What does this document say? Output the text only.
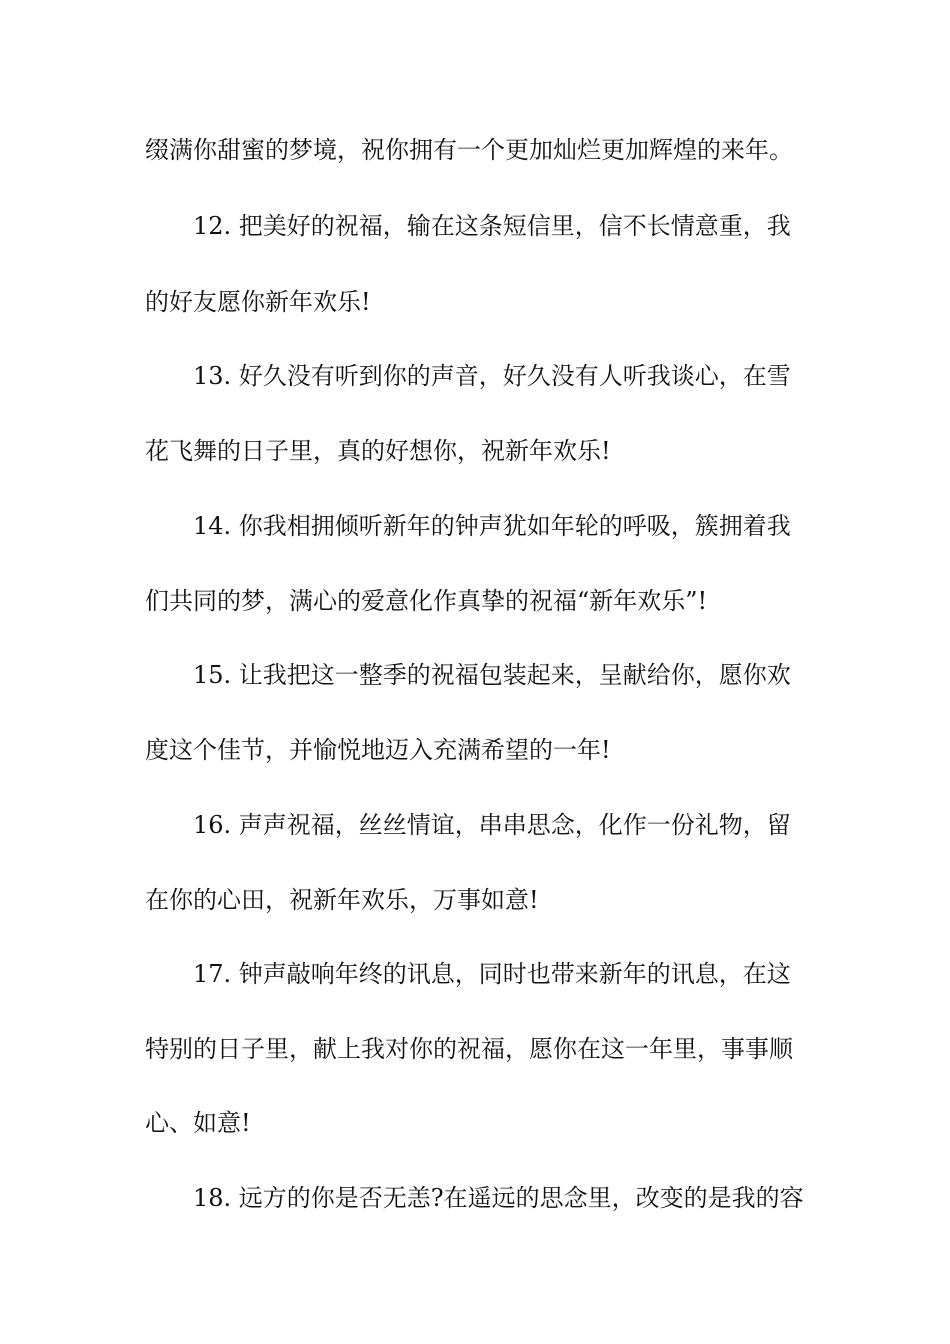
缀满你甜蜜的梦境，祝你拥有一个更加灿烂更加辉煌的来年。
12. 把美好的祝福，输在这条短信里，信不长情意重，我
的好友愿你新年欢乐!
13. 好久没有听到你的声音，好久没有人听我谈心，在雪
花飞舞的日子里，真的好想你，祝新年欢乐!
14. 你我相拥倾听新年的钟声犹如年轮的呼吸，簇拥着我
们共同的梦，满心的爱意化作真挚的祝福“新年欢乐”!
15. 让我把这一整季的祝福包装起来，呈献给你，愿你欢
度这个佳节，并愉悦地迈入充满希望的一年!
16. 声声祝福，丝丝情谊，串串思念，化作一份礼物，留
在你的心田，祝新年欢乐，万事如意!
17. 钟声敲响年终的讯息，同时也带来新年的讯息，在这
特别的日子里，献上我对你的祝福，愿你在这一年里，事事顺
心、如意!
18. 远方的你是否无恙?在遥远的思念里，改变的是我的容
